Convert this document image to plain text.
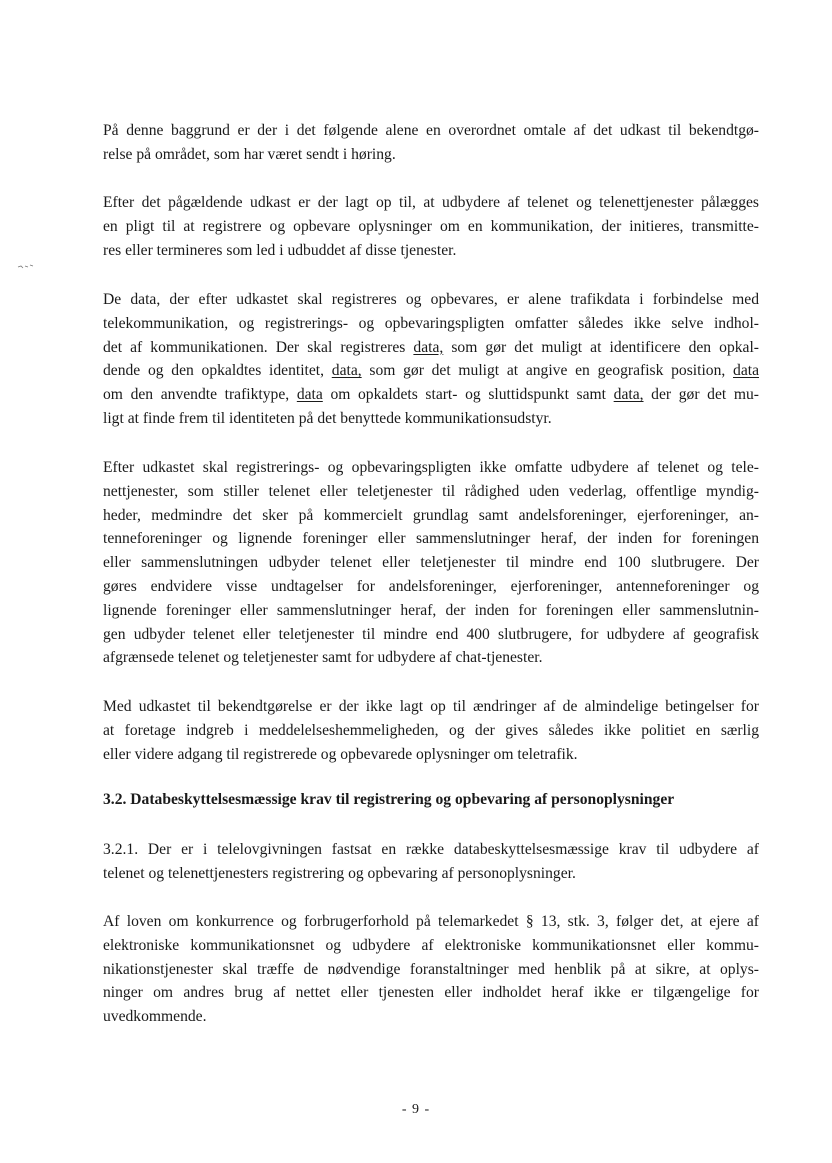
På denne baggrund er der i det følgende alene en overordnet omtale af det udkast til bekendtgø-
relse på området, som har været sendt i høring.
Efter det pågældende udkast er der lagt op til, at udbydere af telenet og telenettjenester pålægges
en pligt til at registrere og opbevare oplysninger om en kommunikation, der initieres, transmitte-
res eller termineres som led i udbuddet af disse tjenester.
De data, der efter udkastet skal registreres og opbevares, er alene trafikdata i forbindelse med
telekommunikation, og registrerings- og opbevaringspligten omfatter således ikke selve indhol-
det af kommunikationen. Der skal registreres data, som gør det muligt at identificere den opkal-
dende og den opkaldtes identitet, data, som gør det muligt at angive en geografisk position, data
om den anvendte trafiktype, data om opkaldets start- og sluttidspunkt samt data, der gør det mu-
ligt at finde frem til identiteten på det benyttede kommunikationsudstyr.
Efter udkastet skal registrerings- og opbevaringspligten ikke omfatte udbydere af telenet og tele-
nettjenester, som stiller telenet eller teletjenester til rådighed uden vederlag, offentlige myndig-
heder, medmindre det sker på kommercielt grundlag samt andelsforeninger, ejerforeninger, an-
tenneforeninger og lignende foreninger eller sammenslutninger heraf, der inden for foreningen
eller sammenslutningen udbyder telenet eller teletjenester til mindre end 100 slutbrugere. Der
gøres endvidere visse undtagelser for andelsforeninger, ejerforeninger, antenneforeninger og
lignende foreninger eller sammenslutninger heraf, der inden for foreningen eller sammenslutnin-
gen udbyder telenet eller teletjenester til mindre end 400 slutbrugere, for udbydere af geografisk
afgrænsede telenet og teletjenester samt for udbydere af chat-tjenester.
Med udkastet til bekendtgørelse er der ikke lagt op til ændringer af de almindelige betingelser for
at foretage indgreb i meddelelseshemmeligheden, og der gives således ikke politiet en særlig
eller videre adgang til registrerede og opbevarede oplysninger om teletrafik.
3.2. Databeskyttelsesmæssige krav til registrering og opbevaring af personoplysninger
3.2.1. Der er i telelovgivningen fastsat en række databeskyttelsesmæssige krav til udbydere af
telenet og telenettjenesters registrering og opbevaring af personoplysninger.
Af loven om konkurrence og forbrugerforhold på telemarkedet § 13, stk. 3, følger det, at ejere af
elektroniske kommunikationsnet og udbydere af elektroniske kommunikationsnet eller kommu-
nikationstjenester skal træffe de nødvendige foranstaltninger med henblik på at sikre, at oplys-
ninger om andres brug af nettet eller tjenesten eller indholdet heraf ikke er tilgængelige for
uvedkommende.
- 9 -
